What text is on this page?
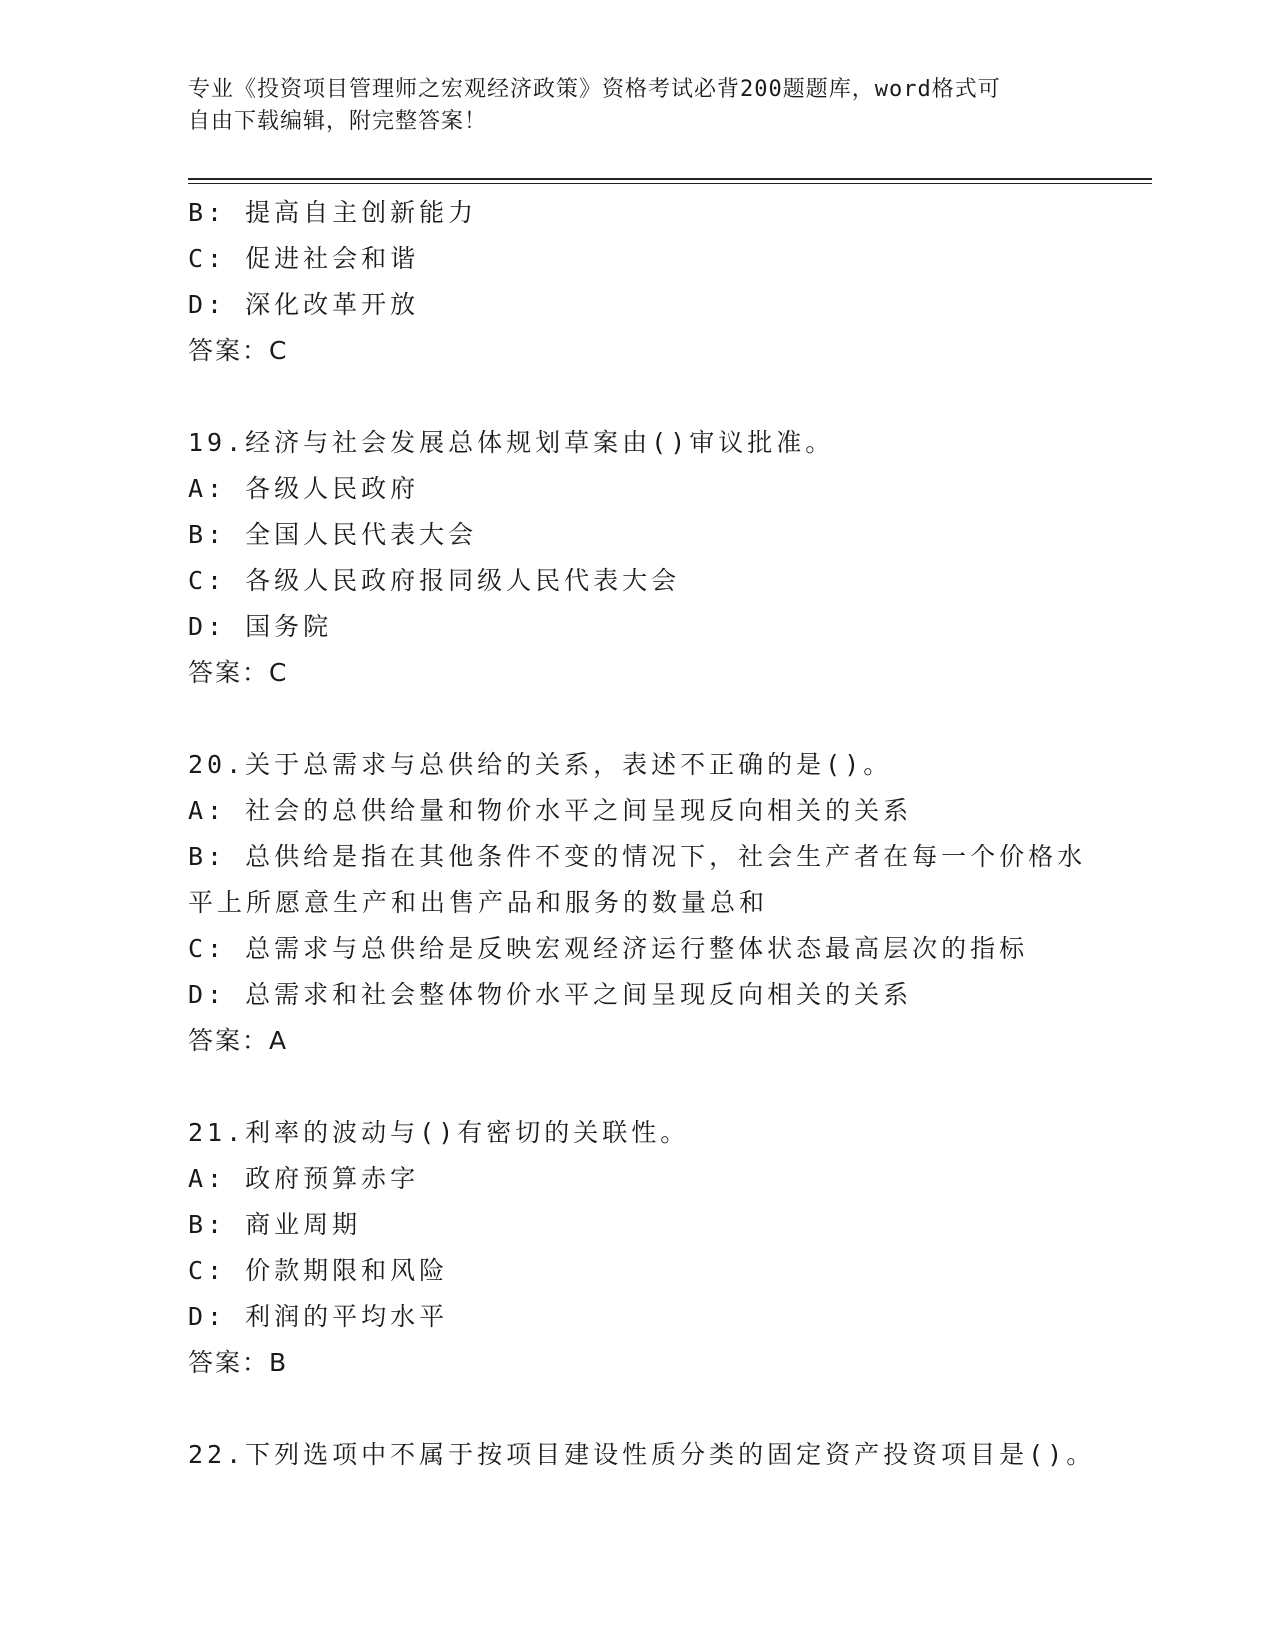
专业《投资项目管理师之宏观经济政策》资格考试必背200题题库，word格式可
自由下载编辑，附完整答案！
B: 提高自主创新能力
C: 促进社会和谐
D: 深化改革开放
答案：C
19.经济与社会发展总体规划草案由()审议批准。
A: 各级人民政府
B: 全国人民代表大会
C: 各级人民政府报同级人民代表大会
D: 国务院
答案：C
20.关于总需求与总供给的关系，表述不正确的是()。
A: 社会的总供给量和物价水平之间呈现反向相关的关系
B: 总供给是指在其他条件不变的情况下，社会生产者在每一个价格水平上所愿意生产和出售产品和服务的数量总和
C: 总需求与总供给是反映宏观经济运行整体状态最高层次的指标
D: 总需求和社会整体物价水平之间呈现反向相关的关系
答案：A
21.利率的波动与()有密切的关联性。
A: 政府预算赤字
B: 商业周期
C: 价款期限和风险
D: 利润的平均水平
答案：B
22.下列选项中不属于按项目建设性质分类的固定资产投资项目是()。
